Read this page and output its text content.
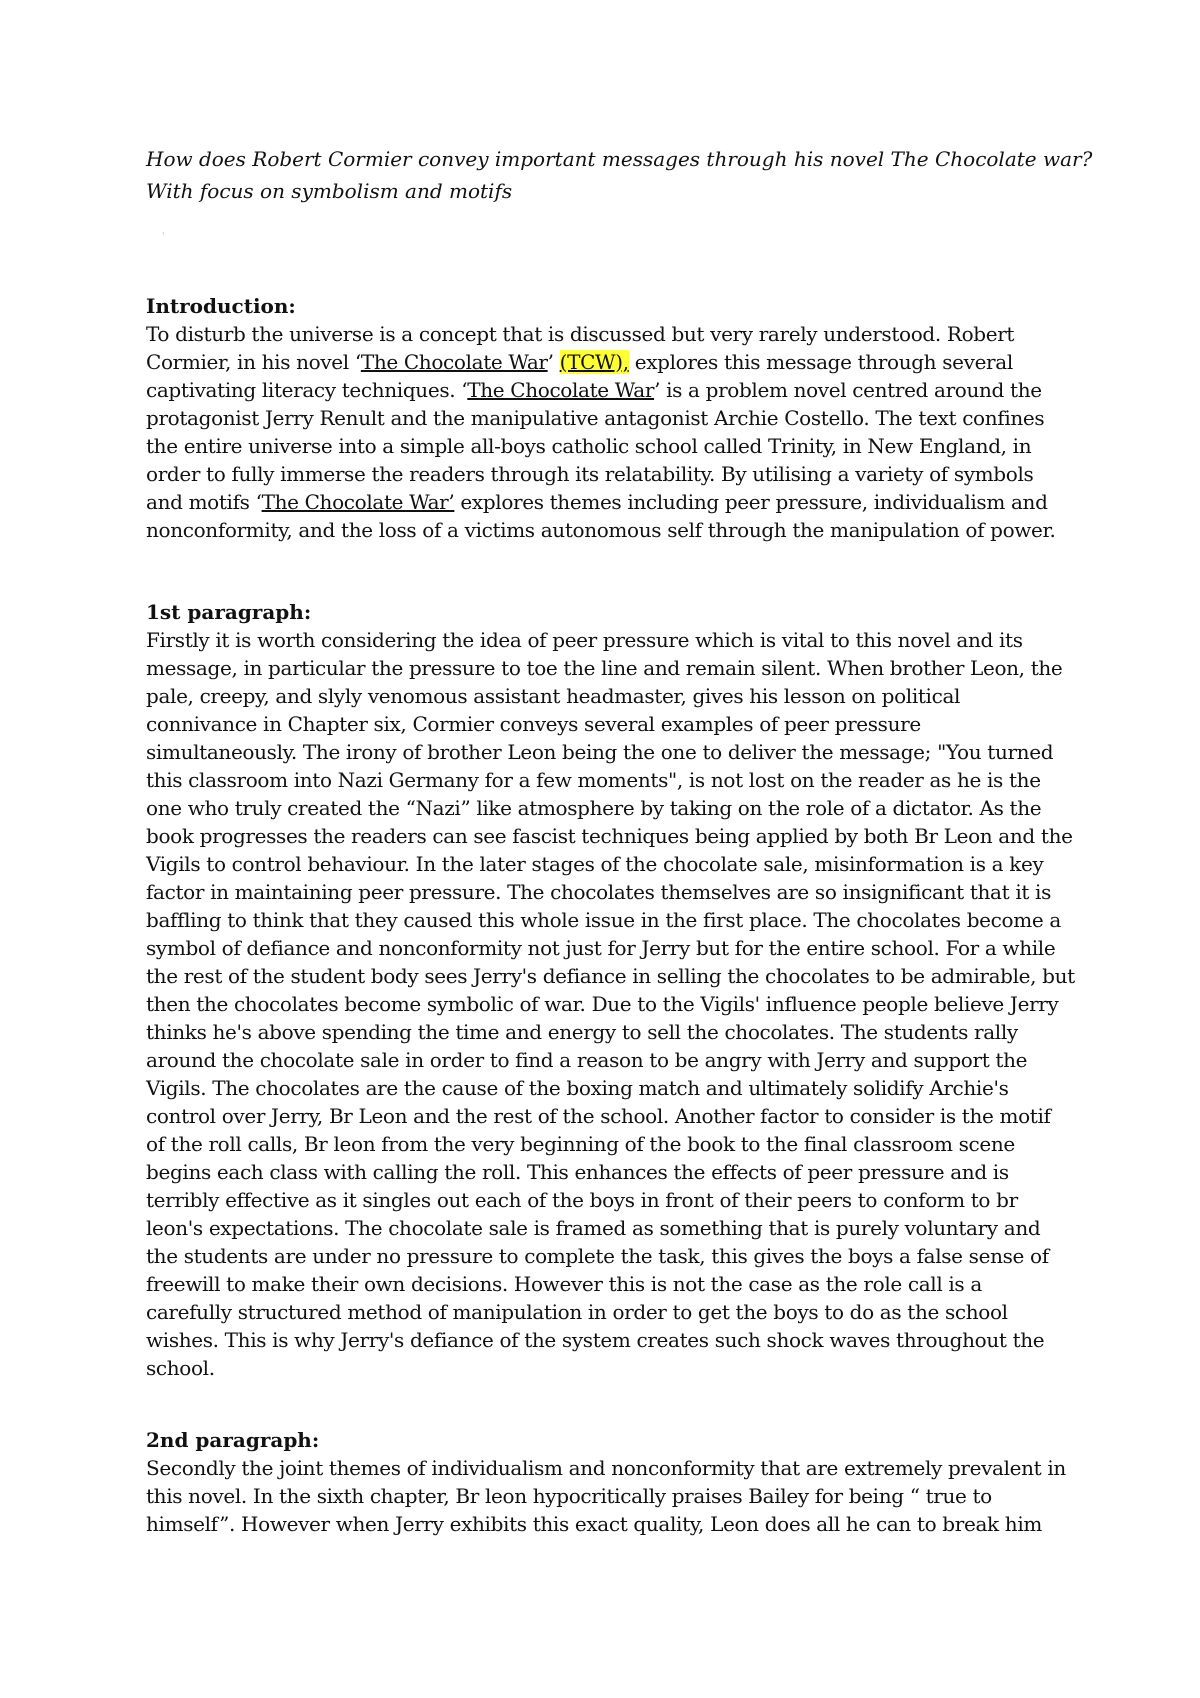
How does Robert Cormier convey important messages through his novel The Chocolate war?

With focus on symbolism and motifs

'

Introduction:

To disturb the universe is a concept that is discussed but very rarely understood. Robert

Cormier, in his novel ‘The Chocolate War’ (TCW), explores this message through several

captivating literacy techniques. ‘The Chocolate War’ is a problem novel centred around the

protagonist Jerry Renult and the manipulative antagonist Archie Costello. The text confines

the entire universe into a simple all-boys catholic school called Trinity, in New England, in

order to fully immerse the readers through its relatability. By utilising a variety of symbols

and motifs ‘The Chocolate War’ explores themes including peer pressure, individualism and

nonconformity, and the loss of a victims autonomous self through the manipulation of power.

1st paragraph:

Firstly it is worth considering the idea of peer pressure which is vital to this novel and its

message, in particular the pressure to toe the line and remain silent. When brother Leon, the

pale, creepy, and slyly venomous assistant headmaster, gives his lesson on political

connivance in Chapter six, Cormier conveys several examples of peer pressure

simultaneously. The irony of brother Leon being the one to deliver the message; "You turned

this classroom into Nazi Germany for a few moments", is not lost on the reader as he is the

one who truly created the “Nazi” like atmosphere by taking on the role of a dictator. As the

book progresses the readers can see fascist techniques being applied by both Br Leon and the

Vigils to control behaviour. In the later stages of the chocolate sale, misinformation is a key

factor in maintaining peer pressure. The chocolates themselves are so insignificant that it is

baffling to think that they caused this whole issue in the first place. The chocolates become a

symbol of defiance and nonconformity not just for Jerry but for the entire school. For a while

the rest of the student body sees Jerry's defiance in selling the chocolates to be admirable, but

then the chocolates become symbolic of war. Due to the Vigils' influence people believe Jerry

thinks he's above spending the time and energy to sell the chocolates. The students rally

around the chocolate sale in order to find a reason to be angry with Jerry and support the

Vigils. The chocolates are the cause of the boxing match and ultimately solidify Archie's

control over Jerry, Br Leon and the rest of the school. Another factor to consider is the motif

of the roll calls, Br leon from the very beginning of the book to the final classroom scene

begins each class with calling the roll. This enhances the effects of peer pressure and is

terribly effective as it singles out each of the boys in front of their peers to conform to br

leon's expectations. The chocolate sale is framed as something that is purely voluntary and

the students are under no pressure to complete the task, this gives the boys a false sense of

freewill to make their own decisions. However this is not the case as the role call is a

carefully structured method of manipulation in order to get the boys to do as the school

wishes. This is why Jerry's defiance of the system creates such shock waves throughout the

school.

2nd paragraph:

Secondly the joint themes of individualism and nonconformity that are extremely prevalent in

this novel. In the sixth chapter, Br leon hypocritically praises Bailey for being “ true to

himself”. However when Jerry exhibits this exact quality, Leon does all he can to break him
